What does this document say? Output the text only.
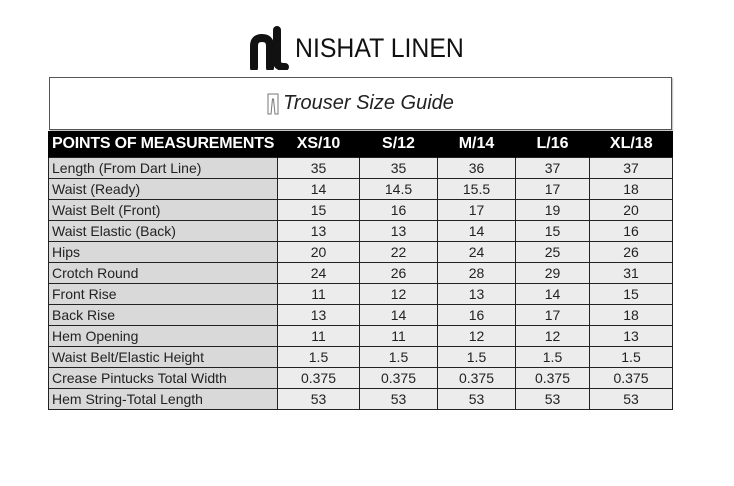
NISHAT LINEN
Trouser Size Guide
POINTS OF MEASUREMENTS	XS/10	S/12	M/14	L/16	XL/18
Length (From Dart Line)	35	35	36	37	37
Waist (Ready)	14	14.5	15.5	17	18
Waist Belt (Front)	15	16	17	19	20
Waist Elastic (Back)	13	13	14	15	16
Hips	20	22	24	25	26
Crotch Round	24	26	28	29	31
Front Rise	11	12	13	14	15
Back Rise	13	14	16	17	18
Hem Opening	11	11	12	12	13
Waist Belt/Elastic Height	1.5	1.5	1.5	1.5	1.5
Crease Pintucks Total Width	0.375	0.375	0.375	0.375	0.375
Hem String-Total Length	53	53	53	53	53
